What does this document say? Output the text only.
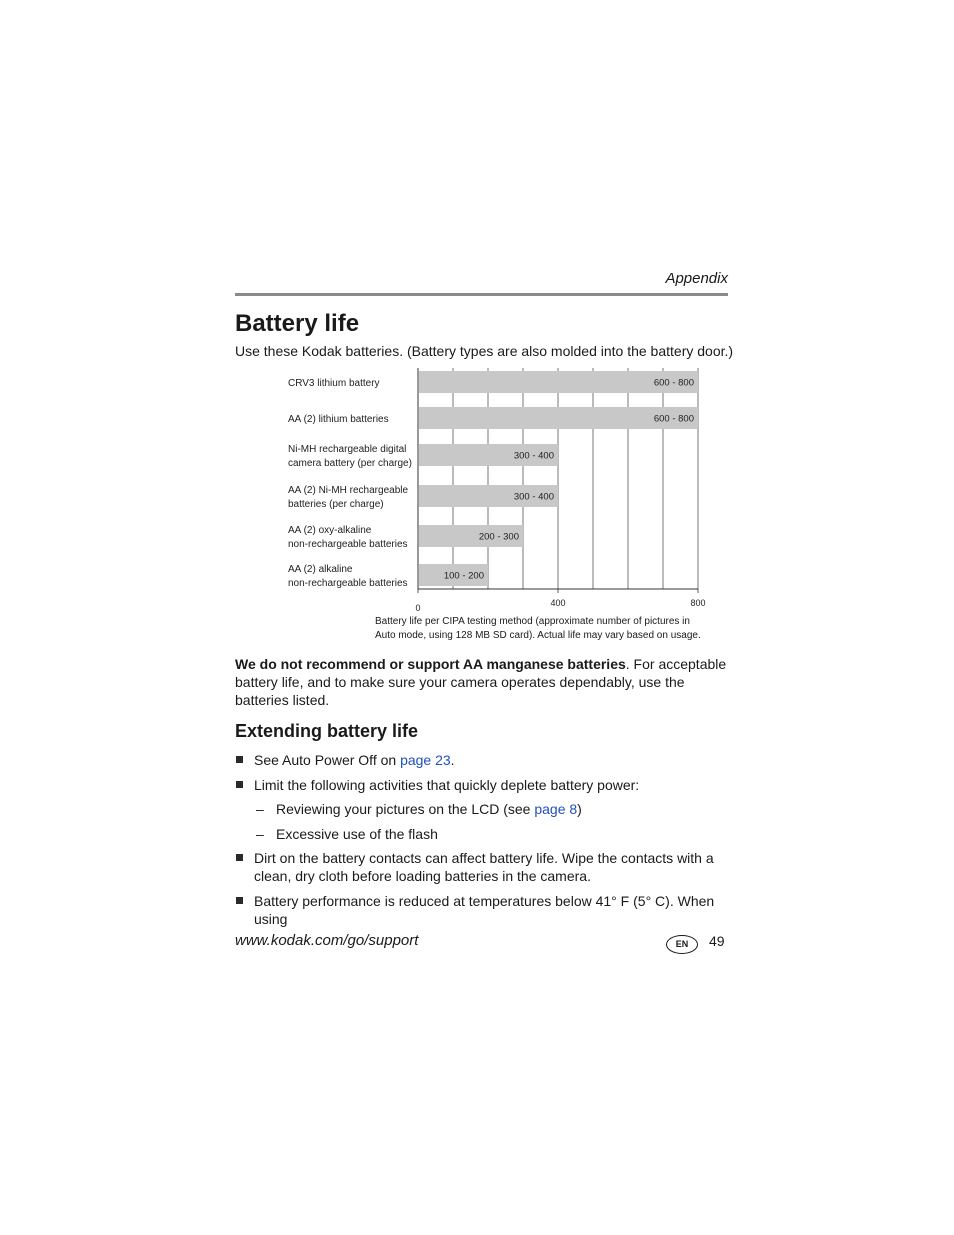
Appendix
Battery life
Use these Kodak batteries. (Battery types are also molded into the battery door.)
600 - 800
CRV3 lithium battery
600 - 800
AA (2) lithium batteries
300 - 400
Ni-MH rechargeable digital
camera battery (per charge)
300 - 400
AA (2) Ni-MH rechargeable
batteries (per charge)
200 - 300
AA (2) oxy-alkaline
non-rechargeable batteries
100 - 200
AA (2) alkaline
non-rechargeable batteries
0	400	800
Battery life per CIPA testing method (approximate number of pictures in
Auto mode, using 128 MB SD card). Actual life may vary based on usage.
We do not recommend or support AA manganese batteries. For acceptable battery life, and to make sure your camera operates dependably, use the batteries listed.
Extending battery life
See Auto Power Off on page 23.
Limit the following activities that quickly deplete battery power:
– Reviewing your pictures on the LCD (see page 8)
– Excessive use of the flash
Dirt on the battery contacts can affect battery life. Wipe the contacts with a clean, dry cloth before loading batteries in the camera.
Battery performance is reduced at temperatures below 41° F (5° C). When using
www.kodak.com/go/support	EN	49
